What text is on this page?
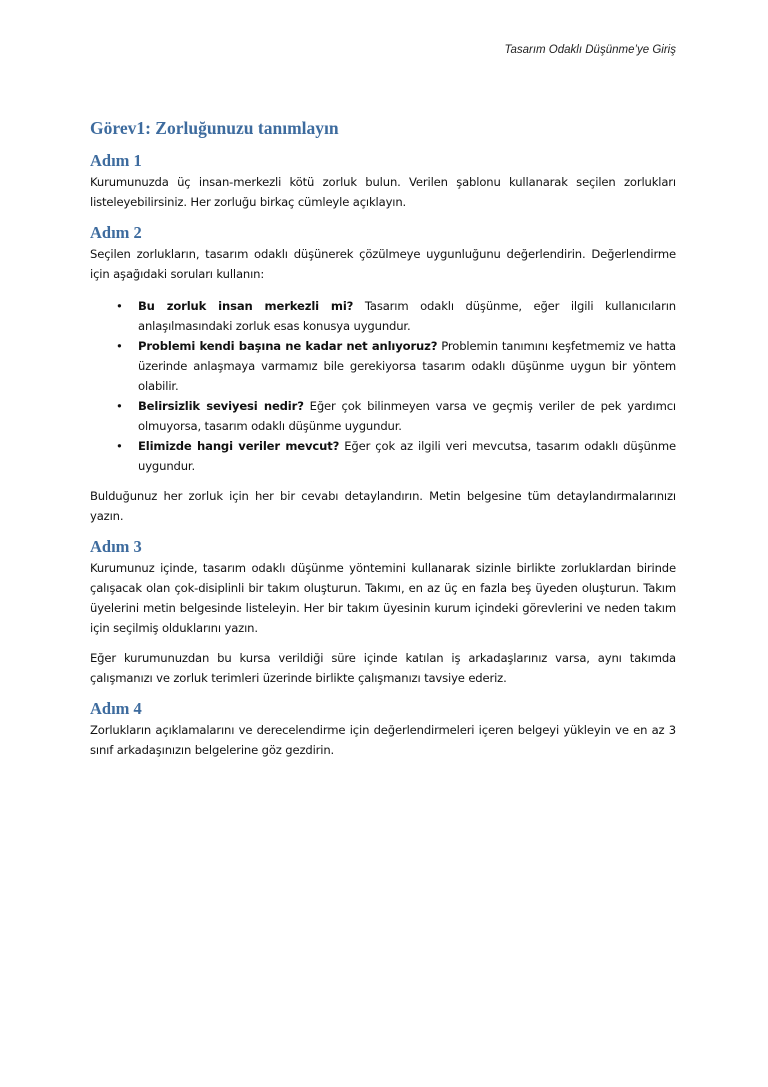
Tasarım Odaklı Düşünme’ye Giriş
Görev1: Zorluğunuzu tanımlayın
Adım 1

Kurumunuzda üç insan-merkezli kötü zorluk bulun. Verilen şablonu kullanarak seçilen zorlukları listeleyebilirsiniz. Her zorluğu birkaç cümleyle açıklayın.

Adım 2

Seçilen zorlukların, tasarım odaklı düşünerek çözülmeye uygunluğunu değerlendirin. Değerlendirme için aşağıdaki soruları kullanın:

• Bu zorluk insan merkezli mi? Tasarım odaklı düşünme, eğer ilgili kullanıcıların anlaşılmasındaki zorluk esas konusya uygundur.
• Problemi kendi başına ne kadar net anlıyoruz? Problemin tanımını keşfetmemiz ve hatta üzerinde anlaşmaya varmamız bile gerekiyorsa tasarım odaklı düşünme uygun bir yöntem olabilir.
• Belirsizlik seviyesi nedir? Eğer çok bilinmeyen varsa ve geçmiş veriler de pek yardımcı olmuyorsa, tasarım odaklı düşünme uygundur.
• Elimizde hangi veriler mevcut? Eğer çok az ilgili veri mevcutsa, tasarım odaklı düşünme uygundur.

Bulduğunuz her zorluk için her bir cevabı detaylandırın. Metin belgesine tüm detaylandırmalarınızı yazın.

Adım 3

Kurumunuz içinde, tasarım odaklı düşünme yöntemini kullanarak sizinle birlikte zorluklardan birinde çalışacak olan çok-disiplinli bir takım oluşturun. Takımı, en az üç en fazla beş üyeden oluşturun. Takım üyelerini metin belgesinde listeleyin. Her bir takım üyesinin kurum içindeki görevlerini ve neden takım için seçilmiş olduklarını yazın.

Eğer kurumunuzdan bu kursa verildiği süre içinde katılan iş arkadaşlarınız varsa, aynı takımda çalışmanızı ve zorluk terimleri üzerinde birlikte çalışmanızı tavsiye ederiz.

Adım 4

Zorlukların açıklamalarını ve derecelendirme için değerlendirmeleri içeren belgeyi yükleyin ve en az 3 sınıf arkadaşınızın belgelerine göz gezdirin.
